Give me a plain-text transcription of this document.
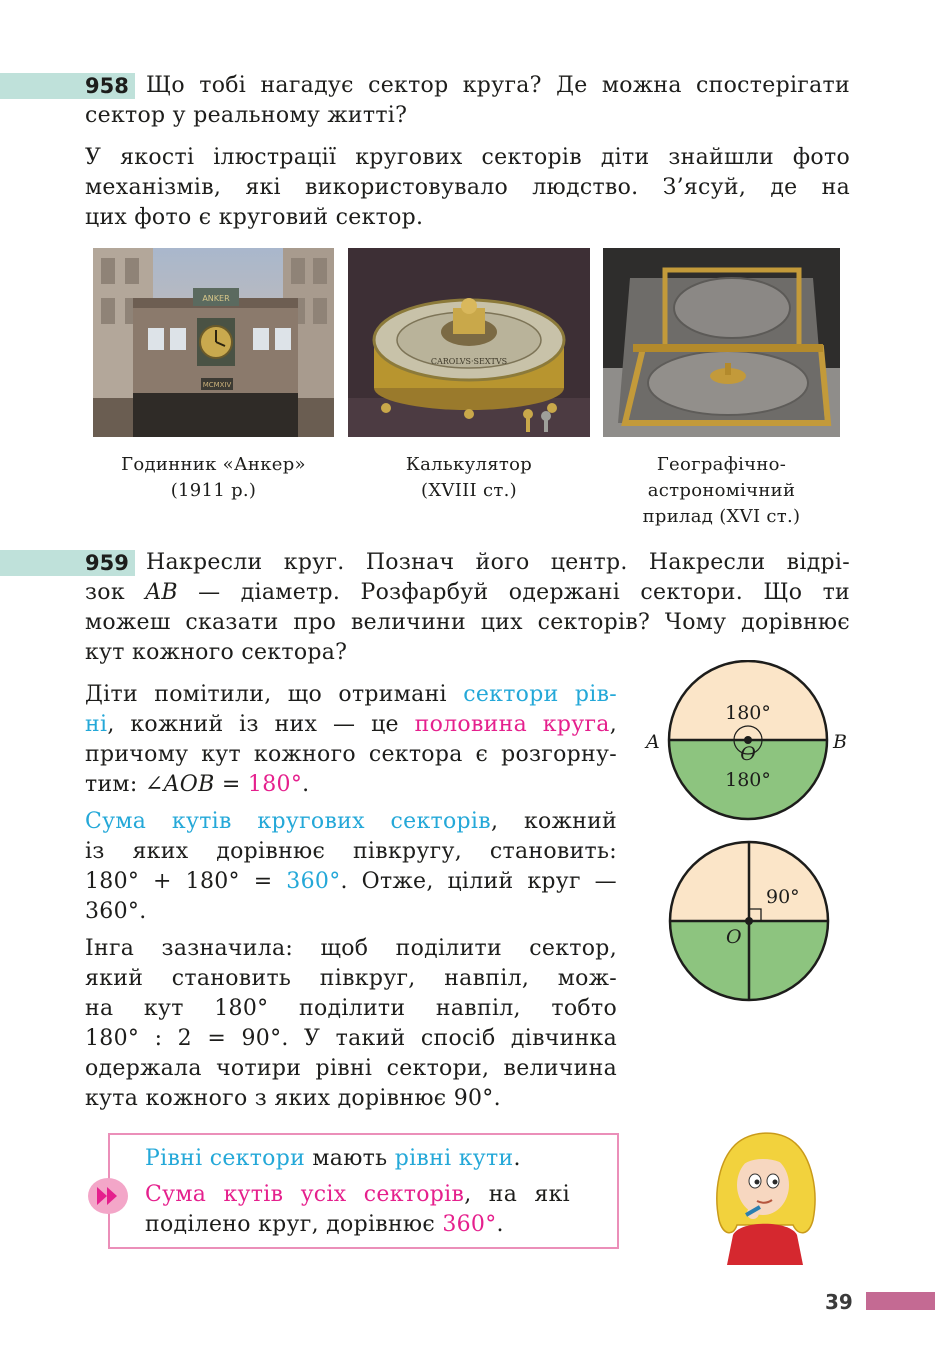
958 Що тобі нагадує сектор круга? Де можна спостерігати
сектор у реальному житті?
У якості ілюстрації кругових секторів діти знайшли фото
механізмів, які використовувало людство. З’ясуй, де на
цих фото є круговий сектор.
ANKER
MCMXIV
CAROLVS·SEXTVS
Годинник «Анкер»
(1911 р.)
Калькулятор
(XVIII ст.)
Географічно-
астрономічний
прилад (XVI ст.)
959 Накресли круг. Познач його центр. Накресли відрі-
зок AB — діаметр. Розфарбуй одержані сектори. Що ти
можеш сказати про величини цих секторів? Чому дорівнює
кут кожного сектора?
Діти помітили, що отримані сектори рів-
ні, кожний із них — це половина круга,
причому кут кожного сектора є розгорну-
тим: ∠AOB = 180°.
Сума кутів кругових секторів, кожний
із яких дорівнює півкругу, становить:
180° + 180° = 360°. Отже, цілий круг —
360°.
Інга зазначила: щоб поділити сектор,
який становить півкруг, навпіл, мож-
на кут 180° поділити навпіл, тобто
180° : 2 = 90°. У такий спосіб дівчинка
одержала чотири рівні сектори, величина
кута кожного з яких дорівнює 90°.
180°
180°
O
A	B
90°
O
Рівні сектори мають рівні кути.
Сума кутів усіх секторів, на які
поділено круг, дорівнює 360°.
39
